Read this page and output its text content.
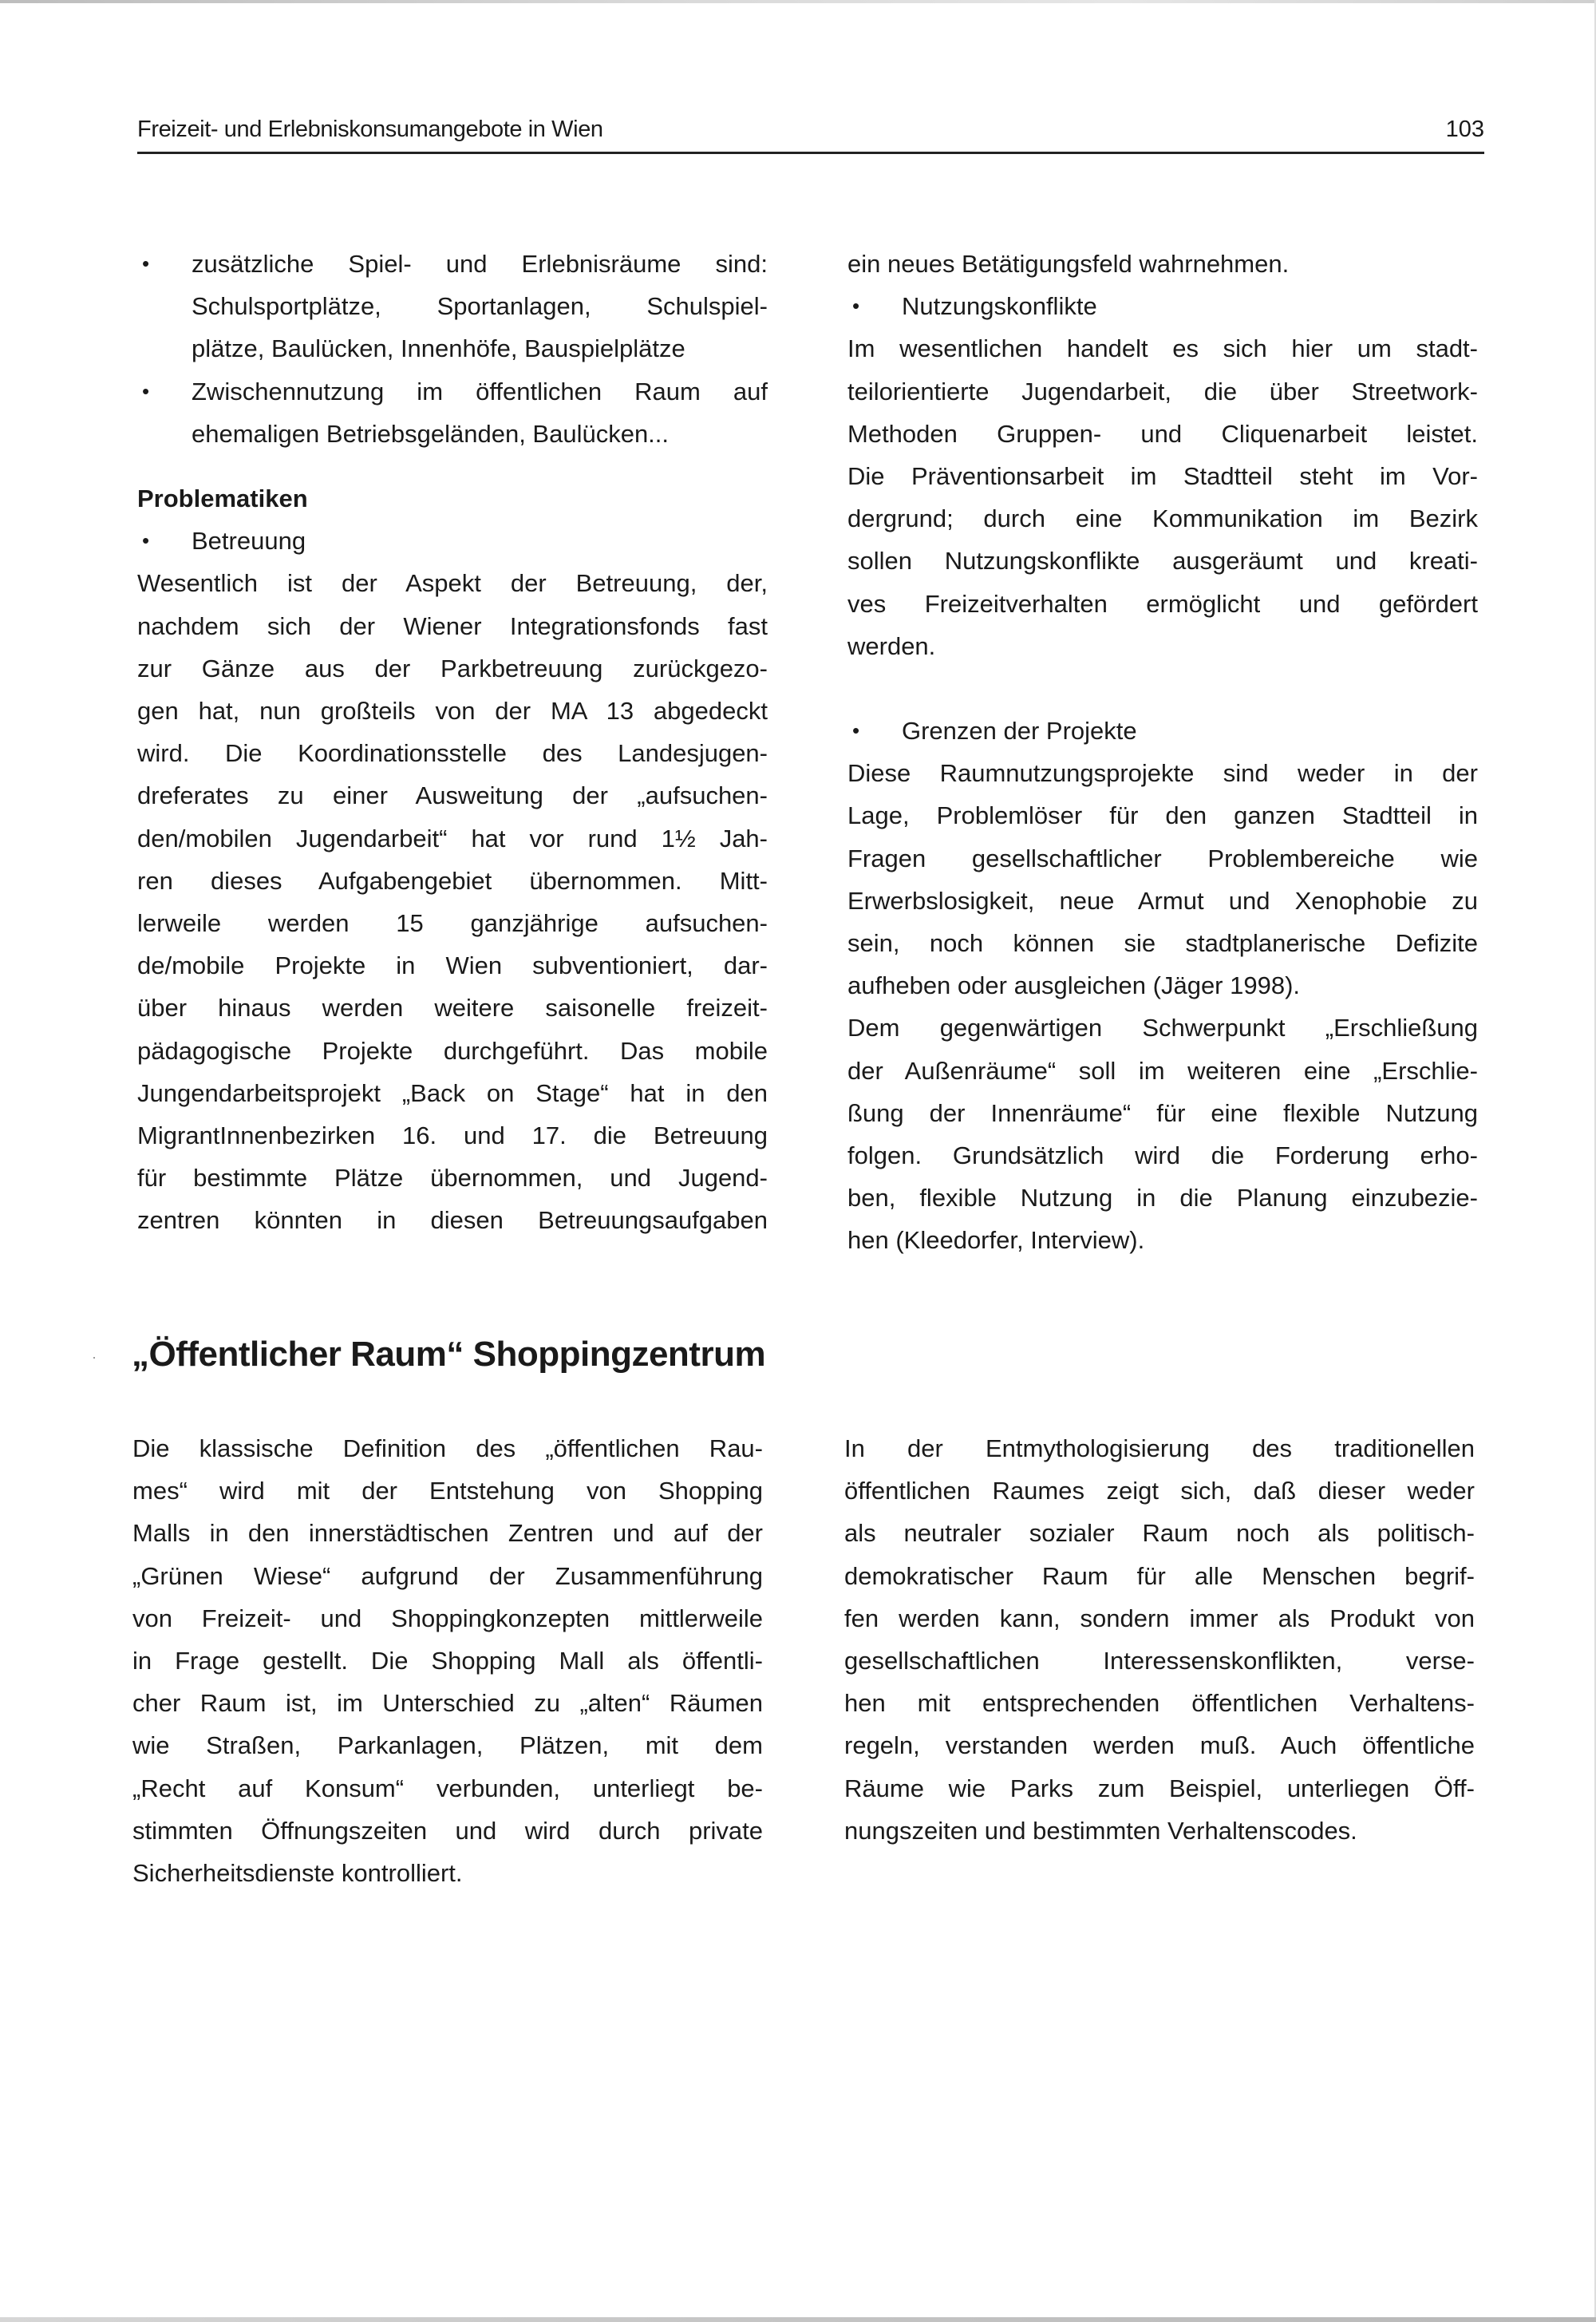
Freizeit- und Erlebniskonsumangebote in Wien	103
•	zusätzliche Spiel- und Erlebnisräume sind:
Schulsportplätze, Sportanlagen, Schulspiel-
plätze, Baulücken, Innenhöfe, Bauspielplätze
•	Zwischennutzung im öffentlichen Raum auf
ehemaligen Betriebsgeländen, Baulücken...
Problematiken
•	Betreuung

Wesentlich ist der Aspekt der Betreuung, der,
nachdem sich der Wiener Integrationsfonds fast
zur Gänze aus der Parkbetreuung zurückgezo-
gen hat, nun großteils von der MA 13 abgedeckt
wird. Die Koordinationsstelle des Landesjugen-
dreferates zu einer Ausweitung der „aufsuchen-
den/mobilen Jugendarbeit“ hat vor rund 1½ Jah-
ren dieses Aufgabengebiet übernommen. Mitt-
lerweile werden 15 ganzjährige aufsuchen-
de/mobile Projekte in Wien subventioniert, dar-
über hinaus werden weitere saisonelle freizeit-
pädagogische Projekte durchgeführt. Das mobile
Jungendarbeitsprojekt „Back on Stage“ hat in den
MigrantInnenbezirken 16. und 17. die Betreuung
für bestimmte Plätze übernommen, und Jugend-
zentren könnten in diesen Betreuungsaufgaben

ein neues Betätigungsfeld wahrnehmen.

•	Nutzungskonflikte

Im wesentlichen handelt es sich hier um stadt-
teilorientierte Jugendarbeit, die über Streetwork-
Methoden Gruppen- und Cliquenarbeit leistet.
Die Präventionsarbeit im Stadtteil steht im Vor-
dergrund; durch eine Kommunikation im Bezirk
sollen Nutzungskonflikte ausgeräumt und kreati-
ves Freizeitverhalten ermöglicht und gefördert
werden.

•	Grenzen der Projekte

Diese Raumnutzungsprojekte sind weder in der
Lage, Problemlöser für den ganzen Stadtteil in
Fragen gesellschaftlicher Problembereiche wie
Erwerbslosigkeit, neue Armut und Xenophobie zu
sein, noch können sie stadtplanerische Defizite
aufheben oder ausgleichen (Jäger 1998).
Dem gegenwärtigen Schwerpunkt „Erschließung
der Außenräume“ soll im weiteren eine „Erschlie-
ßung der Innenräume“ für eine flexible Nutzung
folgen. Grundsätzlich wird die Forderung erho-
ben, flexible Nutzung in die Planung einzubezie-
hen (Kleedorfer, Interview).

„Öffentlicher Raum“ Shoppingzentrum

Die klassische Definition des „öffentlichen Rau-
mes“ wird mit der Entstehung von Shopping
Malls in den innerstädtischen Zentren und auf der
„Grünen Wiese“ aufgrund der Zusammenführung
von Freizeit- und Shoppingkonzepten mittlerweile
in Frage gestellt. Die Shopping Mall als öffentli-
cher Raum ist, im Unterschied zu „alten“ Räumen
wie Straßen, Parkanlagen, Plätzen, mit dem
„Recht auf Konsum“ verbunden, unterliegt be-
stimmten Öffnungszeiten und wird durch private
Sicherheitsdienste kontrolliert.

In der Entmythologisierung des traditionellen
öffentlichen Raumes zeigt sich, daß dieser weder
als neutraler sozialer Raum noch als politisch-
demokratischer Raum für alle Menschen begrif-
fen werden kann, sondern immer als Produkt von
gesellschaftlichen Interessenskonflikten, verse-
hen mit entsprechenden öffentlichen Verhaltens-
regeln, verstanden werden muß. Auch öffentliche
Räume wie Parks zum Beispiel, unterliegen Öff-
nungszeiten und bestimmten Verhaltenscodes.
